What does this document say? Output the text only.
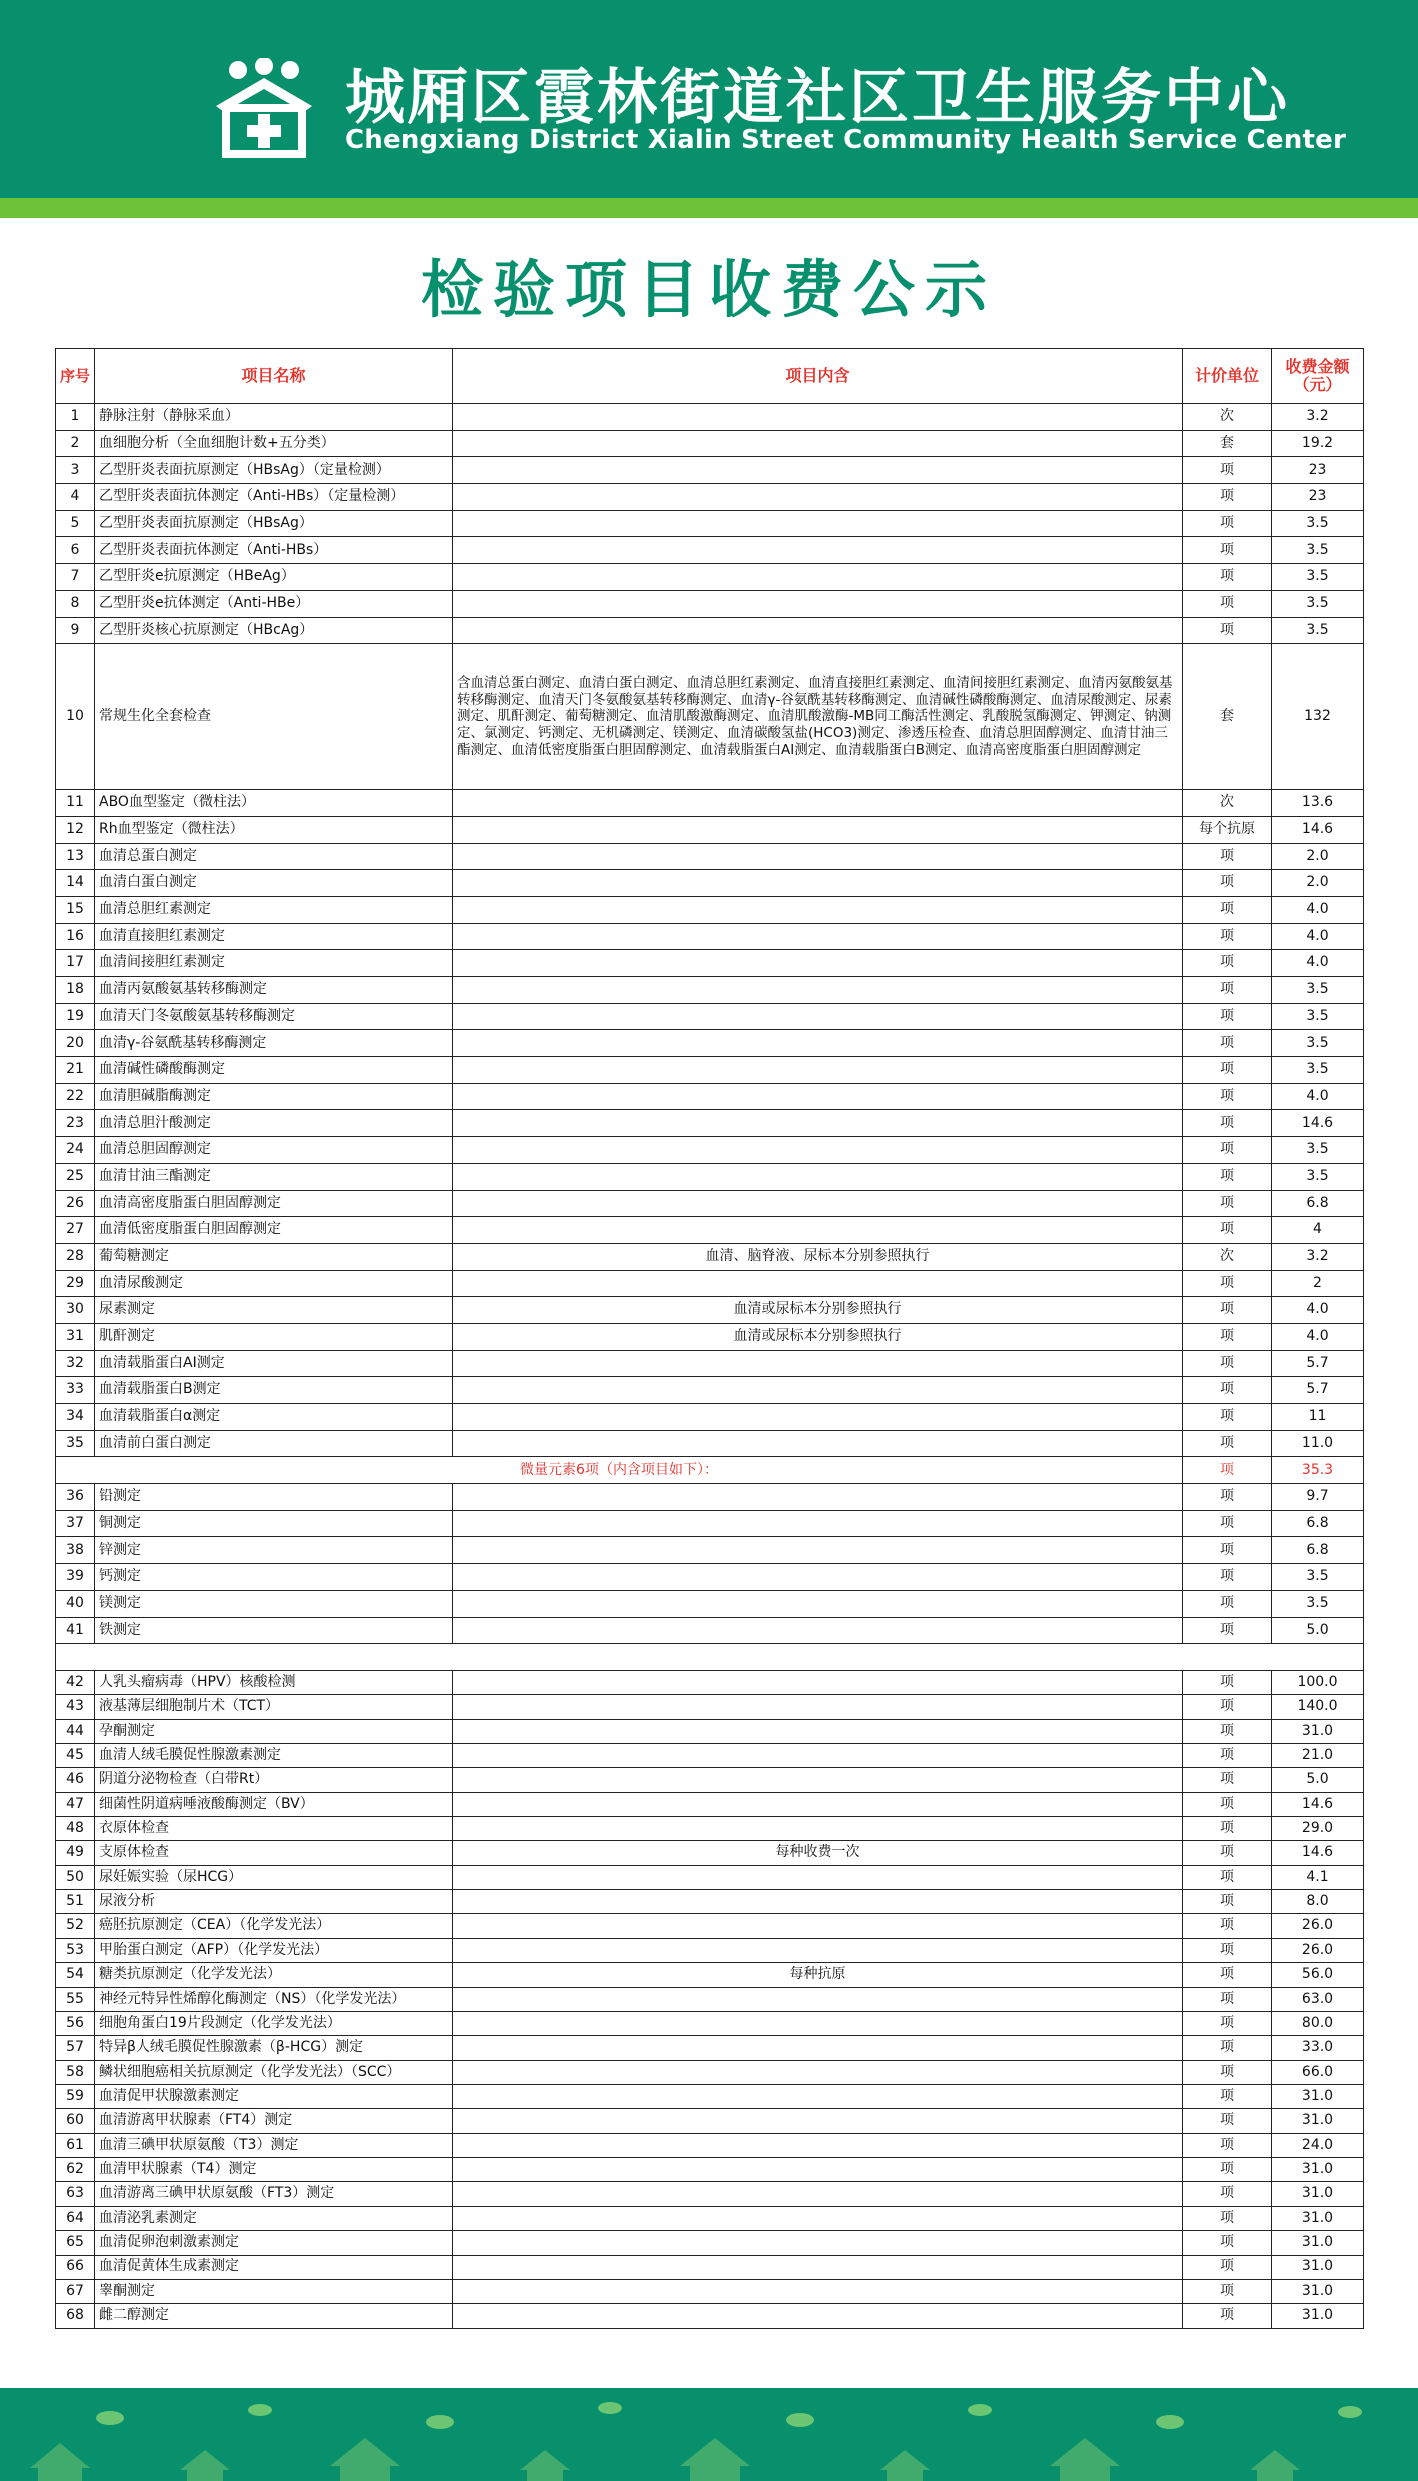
城厢区霞林街道社区卫生服务中心
Chengxiang District Xialin Street Community Health Service Center
检验项目收费公示
序号	项目名称	项目内含	计价单位	收费金额（元）
1	静脉注射（静脉采血）		次	3.2
2	血细胞分析（全血细胞计数+五分类）		套	19.2
3	乙型肝炎表面抗原测定（HBsAg）（定量检测）		项	23
4	乙型肝炎表面抗体测定（Anti-HBs）（定量检测）		项	23
5	乙型肝炎表面抗原测定（HBsAg）		项	3.5
6	乙型肝炎表面抗体测定（Anti-HBs）		项	3.5
7	乙型肝炎e抗原测定（HBeAg）		项	3.5
8	乙型肝炎e抗体测定（Anti-HBe）		项	3.5
9	乙型肝炎核心抗原测定（HBcAg）		项	3.5
10	常规生化全套检查	含血清总蛋白测定、血清白蛋白测定、血清总胆红素测定、血清直接胆红素测定、血清间接胆红素测定、血清丙氨酸氨基转移酶测定、血清天门冬氨酸氨基转移酶测定、血清γ-谷氨酰基转移酶测定、血清碱性磷酸酶测定、血清尿酸测定、尿素测定、肌酐测定、葡萄糖测定、血清肌酸激酶测定、血清肌酸激酶-MB同工酶活性测定、乳酸脱氢酶测定、钾测定、钠测定、氯测定、钙测定、无机磷测定、镁测定、血清碳酸氢盐(HCO3)测定、渗透压检查、血清总胆固醇测定、血清甘油三酯测定、血清低密度脂蛋白胆固醇测定、血清载脂蛋白AⅠ测定、血清载脂蛋白B测定、血清高密度脂蛋白胆固醇测定	套	132
11	ABO血型鉴定（微柱法）		次	13.6
12	Rh血型鉴定（微柱法）		每个抗原	14.6
13	血清总蛋白测定		项	2.0
14	血清白蛋白测定		项	2.0
15	血清总胆红素测定		项	4.0
16	血清直接胆红素测定		项	4.0
17	血清间接胆红素测定		项	4.0
18	血清丙氨酸氨基转移酶测定		项	3.5
19	血清天门冬氨酸氨基转移酶测定		项	3.5
20	血清γ-谷氨酰基转移酶测定		项	3.5
21	血清碱性磷酸酶测定		项	3.5
22	血清胆碱脂酶测定		项	4.0
23	血清总胆汁酸测定		项	14.6
24	血清总胆固醇测定		项	3.5
25	血清甘油三酯测定		项	3.5
26	血清高密度脂蛋白胆固醇测定		项	6.8
27	血清低密度脂蛋白胆固醇测定		项	4
28	葡萄糖测定	血清、脑脊液、尿标本分别参照执行	次	3.2
29	血清尿酸测定		项	2
30	尿素测定	血清或尿标本分别参照执行	项	4.0
31	肌酐测定	血清或尿标本分别参照执行	项	4.0
32	血清载脂蛋白AⅠ测定		项	5.7
33	血清载脂蛋白B测定		项	5.7
34	血清载脂蛋白α测定		项	11
35	血清前白蛋白测定		项	11.0
微量元素6项（内含项目如下）：			项	35.3
36	铅测定		项	9.7
37	铜测定		项	6.8
38	锌测定		项	6.8
39	钙测定		项	3.5
40	镁测定		项	3.5
41	铁测定		项	5.0

42	人乳头瘤病毒（HPV）核酸检测		项	100.0
43	液基薄层细胞制片术（TCT）		项	140.0
44	孕酮测定		项	31.0
45	血清人绒毛膜促性腺激素测定		项	21.0
46	阴道分泌物检查（白带Rt）		项	5.0
47	细菌性阴道病唾液酸酶测定（BV）		项	14.6
48	衣原体检查		项	29.0
49	支原体检查	每种收费一次	项	14.6
50	尿妊娠实验（尿HCG）		项	4.1
51	尿液分析		项	8.0
52	癌胚抗原测定（CEA）（化学发光法）		项	26.0
53	甲胎蛋白测定（AFP）（化学发光法）		项	26.0
54	糖类抗原测定（化学发光法）	每种抗原	项	56.0
55	神经元特异性烯醇化酶测定（NS）（化学发光法）		项	63.0
56	细胞角蛋白19片段测定（化学发光法）		项	80.0
57	特异β人绒毛膜促性腺激素（β-HCG）测定		项	33.0
58	鳞状细胞癌相关抗原测定（化学发光法）（SCC）		项	66.0
59	血清促甲状腺激素测定		项	31.0
60	血清游离甲状腺素（FT4）测定		项	31.0
61	血清三碘甲状原氨酸（T3）测定		项	24.0
62	血清甲状腺素（T4）测定		项	31.0
63	血清游离三碘甲状原氨酸（FT3）测定		项	31.0
64	血清泌乳素测定		项	31.0
65	血清促卵泡刺激素测定		项	31.0
66	血清促黄体生成素测定		项	31.0
67	睾酮测定		项	31.0
68	雌二醇测定		项	31.0
